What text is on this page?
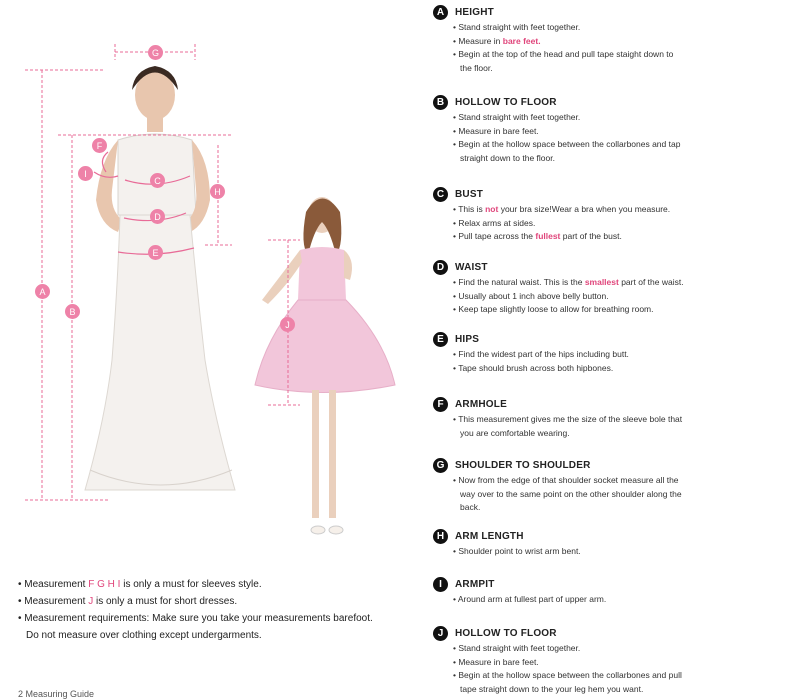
G
F
I
C
D
E
H
A
B
J
• Measurement F G H I is only a must for sleeves style.
• Measurement J is only a must for short dresses.
• Measurement requirements: Make sure you take your measurements barefoot.
Do not measure over clothing except undergarments.
2 Measuring Guide
A	HEIGHT
• Stand straight with feet together.
• Measure in bare feet.
• Begin at the top of the head and pull tape staight down to
the floor.
B	HOLLOW TO FLOOR
• Stand straight with feet together.
• Measure in bare feet.
• Begin at the hollow space between the collarbones and tap
straight down to the floor.
C	BUST
• This is not your bra size!Wear a bra when you measure.
• Relax arms at sides.
• Pull tape across the fullest part of the bust.
D	WAIST
• Find the natural waist. This is the smallest part of the waist.
• Usually about 1 inch above belly button.
• Keep tape slightly loose to allow for breathing room.
E	HIPS
• Find the widest part of the hips including butt.
• Tape should brush across both hipbones.
F	ARMHOLE
• This measurement gives me the size of the sleeve bole that
you are comfortable wearing.
G	SHOULDER TO SHOULDER
• Now from the edge of that shoulder socket measure all the
way over to the same point on the other shoulder along the
back.
H	ARM LENGTH
• Shoulder point to wrist arm bent.
I	ARMPIT
• Around arm at fullest part of upper arm.
J	HOLLOW TO FLOOR
• Stand straight with feet together.
• Measure in bare feet.
• Begin at the hollow space between the collarbones and pull
tape straight down to the your leg hem you want.
